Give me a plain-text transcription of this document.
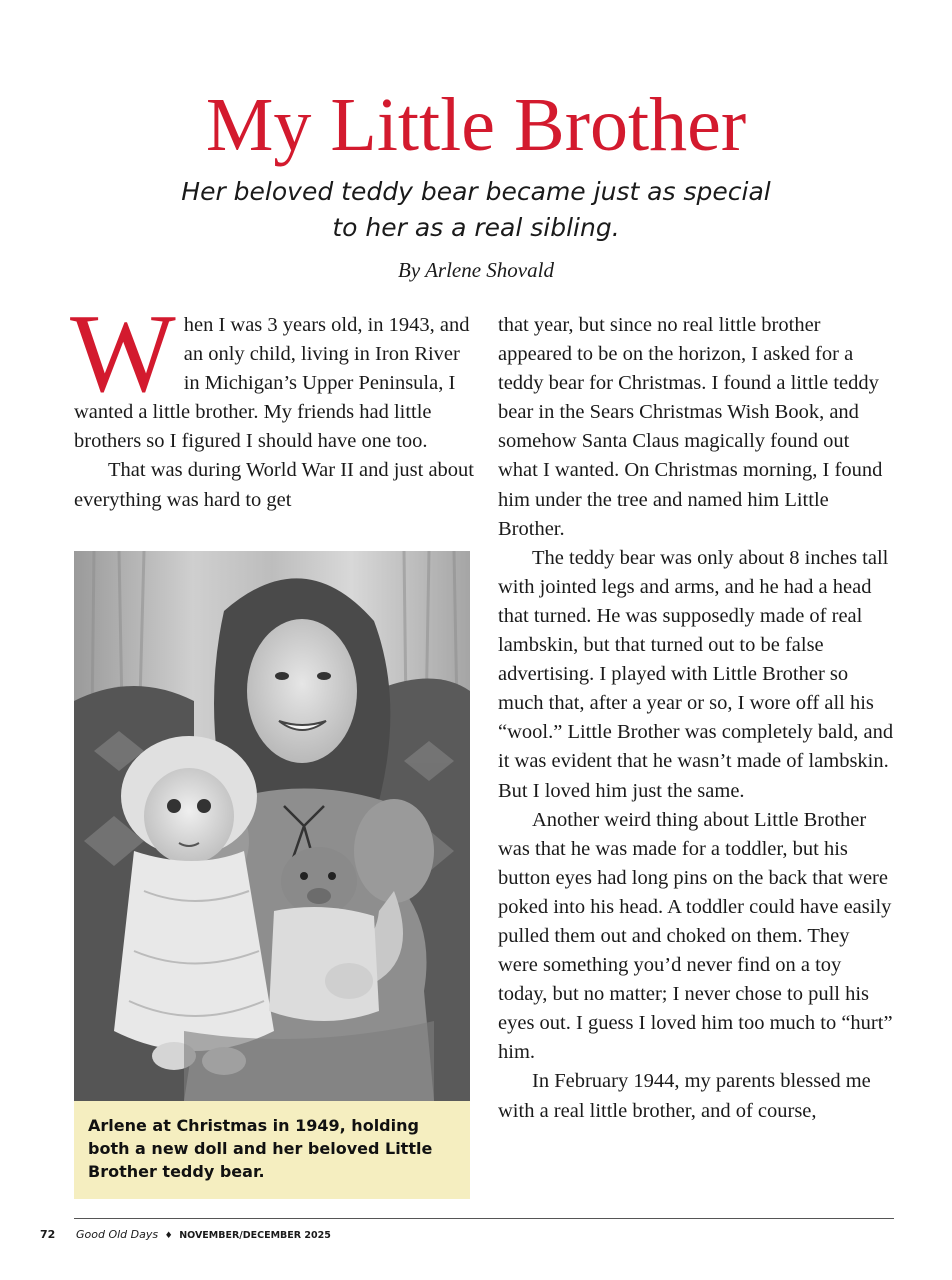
My Little Brother

Her beloved teddy bear became just as special to her as a real sibling.

By Arlene Shovald

When I was 3 years old, in 1943, and an only child, living in Iron River in Michigan’s Upper Peninsula, I wanted a little brother. My friends had little brothers so I figured I should have one too.

That was during World War II and just about everything was hard to get

Arlene at Christmas in 1949, holding both a new doll and her beloved Little Brother teddy bear.

that year, but since no real little brother appeared to be on the horizon, I asked for a teddy bear for Christmas. I found a little teddy bear in the Sears Christmas Wish Book, and somehow Santa Claus magically found out what I wanted. On Christmas morning, I found him under the tree and named him Little Brother.

The teddy bear was only about 8 inches tall with jointed legs and arms, and he had a head that turned. He was supposedly made of real lambskin, but that turned out to be false advertising. I played with Little Brother so much that, after a year or so, I wore off all his “wool.” Little Brother was completely bald, and it was evident that he wasn’t made of lambskin. But I loved him just the same.

Another weird thing about Little Brother was that he was made for a toddler, but his button eyes had long pins on the back that were poked into his head. A toddler could have easily pulled them out and choked on them. They were something you’d never find on a toy today, but no matter; I never chose to pull his eyes out. I guess I loved him too much to “hurt” him.

In February 1944, my parents blessed me with a real little brother, and of course,

72 Good Old Days ♦ NOVEMBER/DECEMBER 2025
